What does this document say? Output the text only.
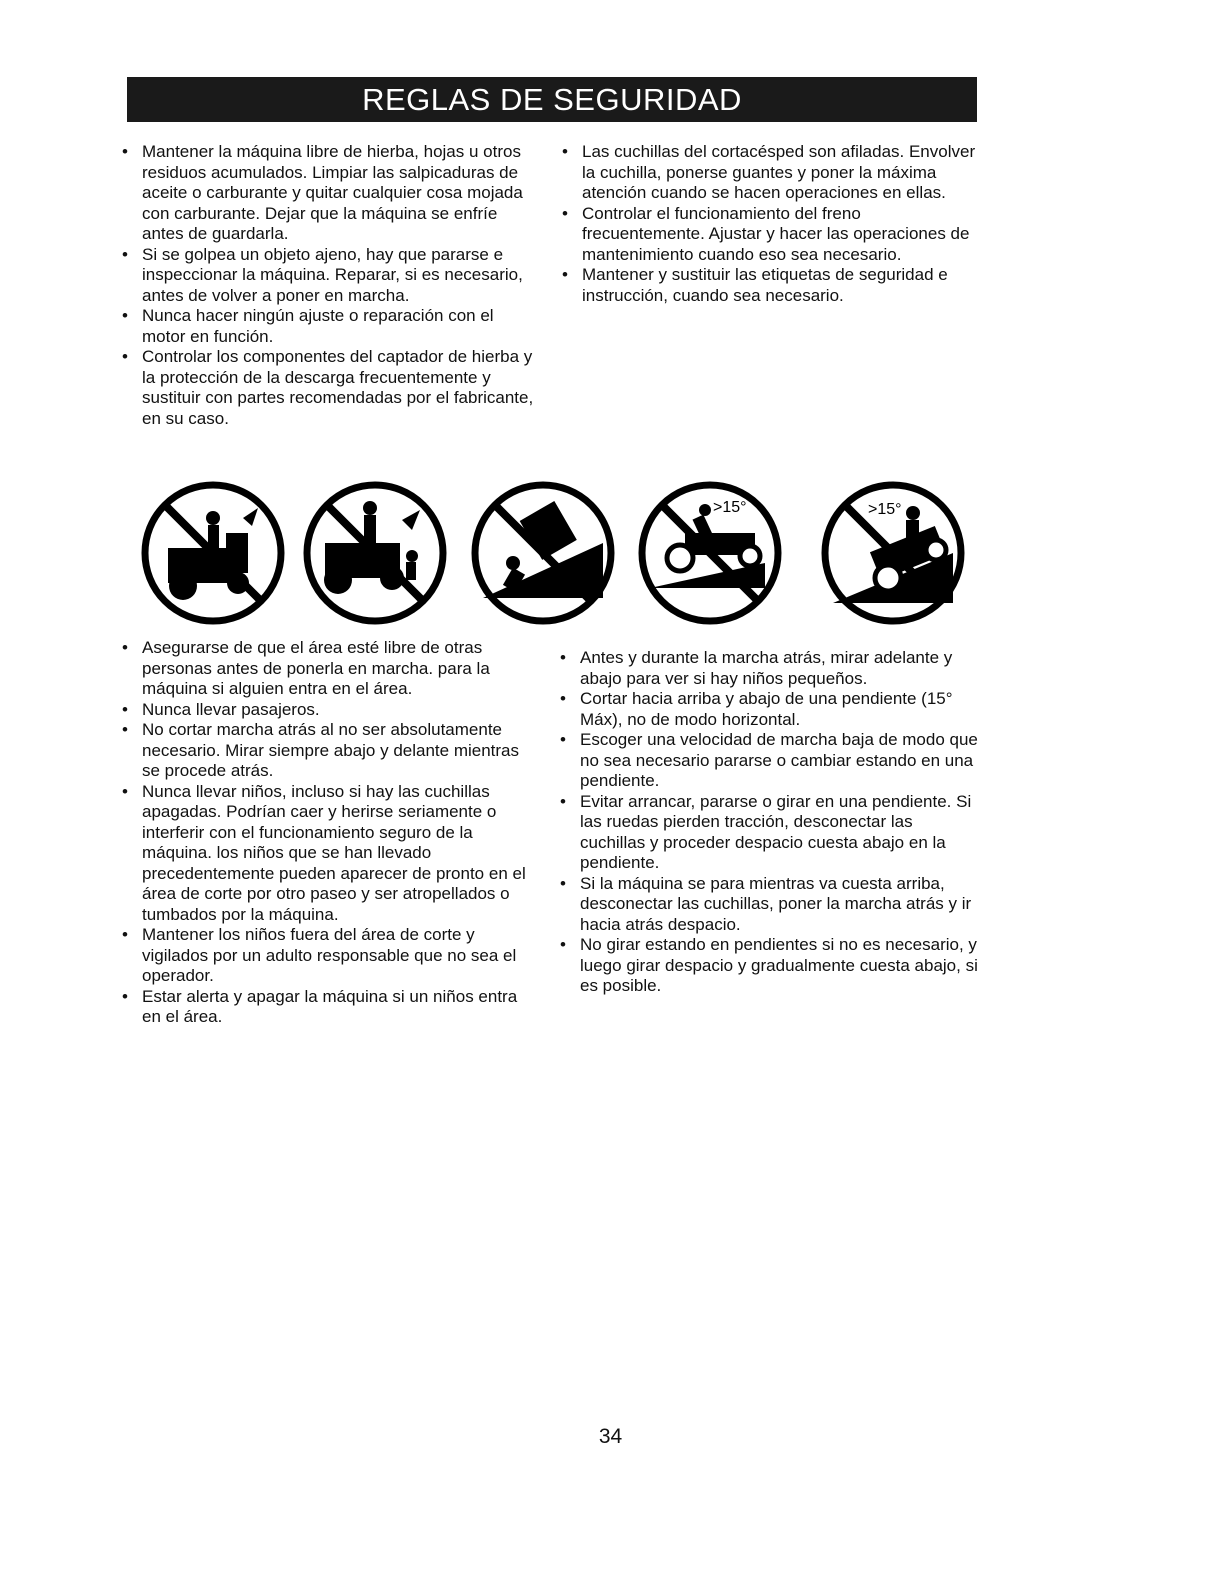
REGLAS DE SEGURIDAD
• Mantener la máquina libre de hierba, hojas u otros residuos acumulados. Limpiar las salpicaduras de aceite o carburante y quitar cualquier cosa mojada con carburante. Dejar que la máquina se enfríe antes de guardarla.
• Si se golpea un objeto ajeno, hay que pararse e inspeccionar la máquina. Reparar, si es necesario, antes de volver a poner en marcha.
• Nunca hacer ningún ajuste o reparación con el motor en función.
• Controlar los componentes del captador de hierba y la protección de la descarga frecuentemente y sustituir con partes recomendadas por el fabricante, en su caso.
• Las cuchillas del cortacésped son afiladas. Envolver la cuchilla, ponerse guantes y poner la máxima atención cuando se hacen operaciones en ellas.
• Controlar el funcionamiento del freno frecuentemente. Ajustar y hacer las operaciones de mantenimiento cuando eso sea necesario.
• Mantener y sustituir las etiquetas de seguridad e instrucción, cuando sea necesario.
>15°	>15°
• Asegurarse de que el área esté libre de otras personas antes de ponerla en marcha. para la máquina si alguien entra en el área.
• Nunca llevar pasajeros.
• No cortar marcha atrás al no ser absolutamente necesario. Mirar siempre abajo y delante mientras se procede atrás.
• Nunca llevar niños, incluso si hay las cuchillas apagadas. Podrían caer y herirse seriamente o interferir con el funcionamiento seguro de la máquina. los niños que se han llevado precedentemente pueden aparecer de pronto en el área de corte por otro paseo y ser atropellados o tumbados por la máquina.
• Mantener los niños fuera del área de corte y vigilados por un adulto responsable que no sea el operador.
• Estar alerta y apagar la máquina si un niños entra en el área.
• Antes y durante la marcha atrás, mirar adelante y abajo para ver si hay niños pequeños.
• Cortar hacia arriba y abajo de una pendiente (15° Máx), no de modo horizontal.
• Escoger una velocidad de marcha baja de modo que no sea necesario pararse o cambiar estando en una pendiente.
• Evitar arrancar, pararse o girar en una pendiente. Si las ruedas pierden tracción, desconectar las cuchillas y proceder despacio cuesta abajo en la pendiente.
• Si la máquina se para mientras va cuesta arriba, desconectar las cuchillas, poner la marcha atrás y ir hacia atrás despacio.
• No girar estando en pendientes si no es necesario, y luego girar despacio y gradualmente cuesta abajo, si es posible.
34
